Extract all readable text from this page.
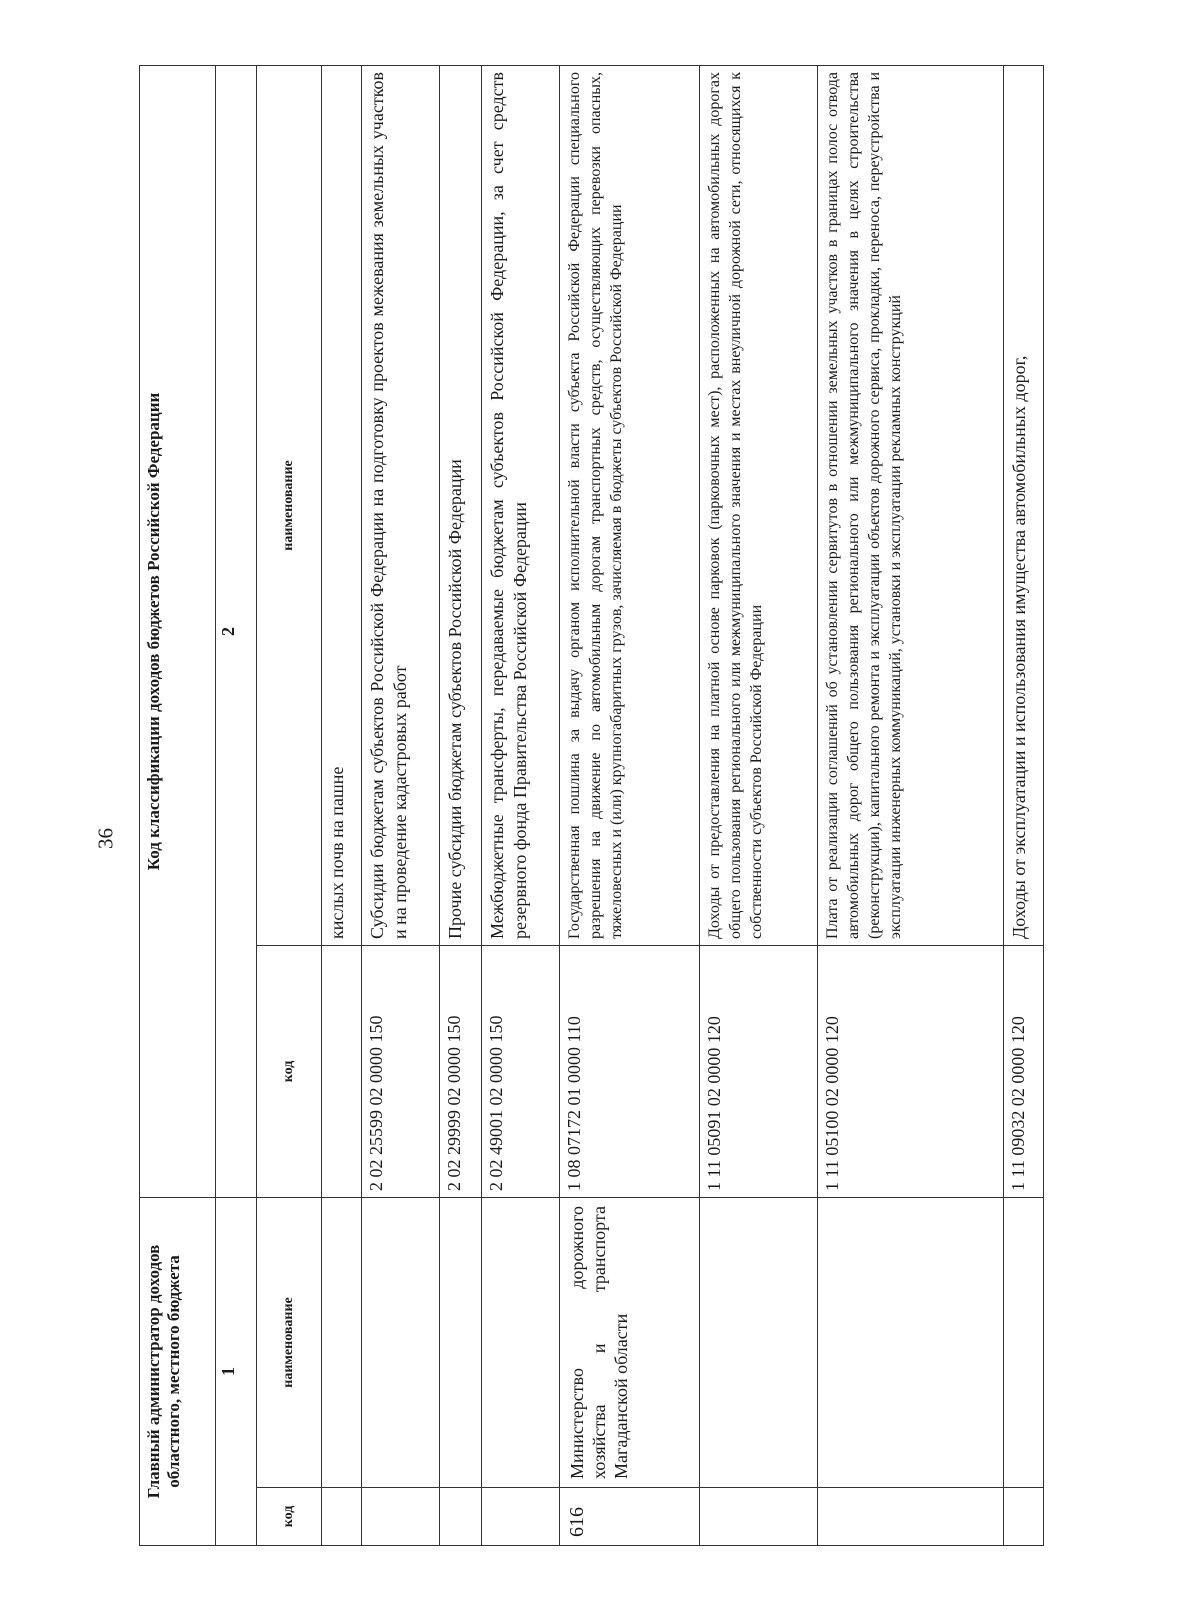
36
Главный администратор доходов областного, местного бюджета		Код классификации доходов бюджетов Российской Федерации	
1		2	
код	наименование	код	наименование
			кислых почв на пашне
		2 02 25599 02 0000 150	Субсидии бюджетам субъектов Российской Федерации на подготовку проектов межевания земельных участков и на проведение кадастровых работ
		2 02 29999 02 0000 150	Прочие субсидии бюджетам субъектов Российской Федерации
		2 02 49001 02 0000 150	Межбюджетные трансферты, передаваемые бюджетам субъектов Российской Федерации, за счет средств резервного фонда Правительства Российской Федерации
616	Министерство дорожного хозяйства и транспорта Магаданской области	1 08 07172 01 0000 110	Государственная пошлина за выдачу органом исполнительной власти субъекта Российской Федерации специального разрешения на движение по автомобильным дорогам транспортных средств, осуществляющих перевозки опасных, тяжеловесных и (или) крупногабаритных грузов, зачисляемая в бюджеты субъектов Российской Федерации
		1 11 05091 02 0000 120	Доходы от предоставления на платной основе парковок (парковочных мест), расположенных на автомобильных дорогах общего пользования регионального или межмуниципального значения и местах внеуличной дорожной сети, относящихся к собственности субъектов Российской Федерации
		1 11 05100 02 0000 120	Плата от реализации соглашений об установлении сервитутов в отношении земельных участков в границах полос отвода автомобильных дорог общего пользования регионального или межмуниципального значения в целях строительства (реконструкции), капитального ремонта и эксплуатации объектов дорожного сервиса, прокладки, переноса, переустройства и эксплуатации инженерных коммуникаций, установки и эксплуатации рекламных конструкций
		1 11 09032 02 0000 120	Доходы от эксплуатации и использования имущества автомобильных дорог,
